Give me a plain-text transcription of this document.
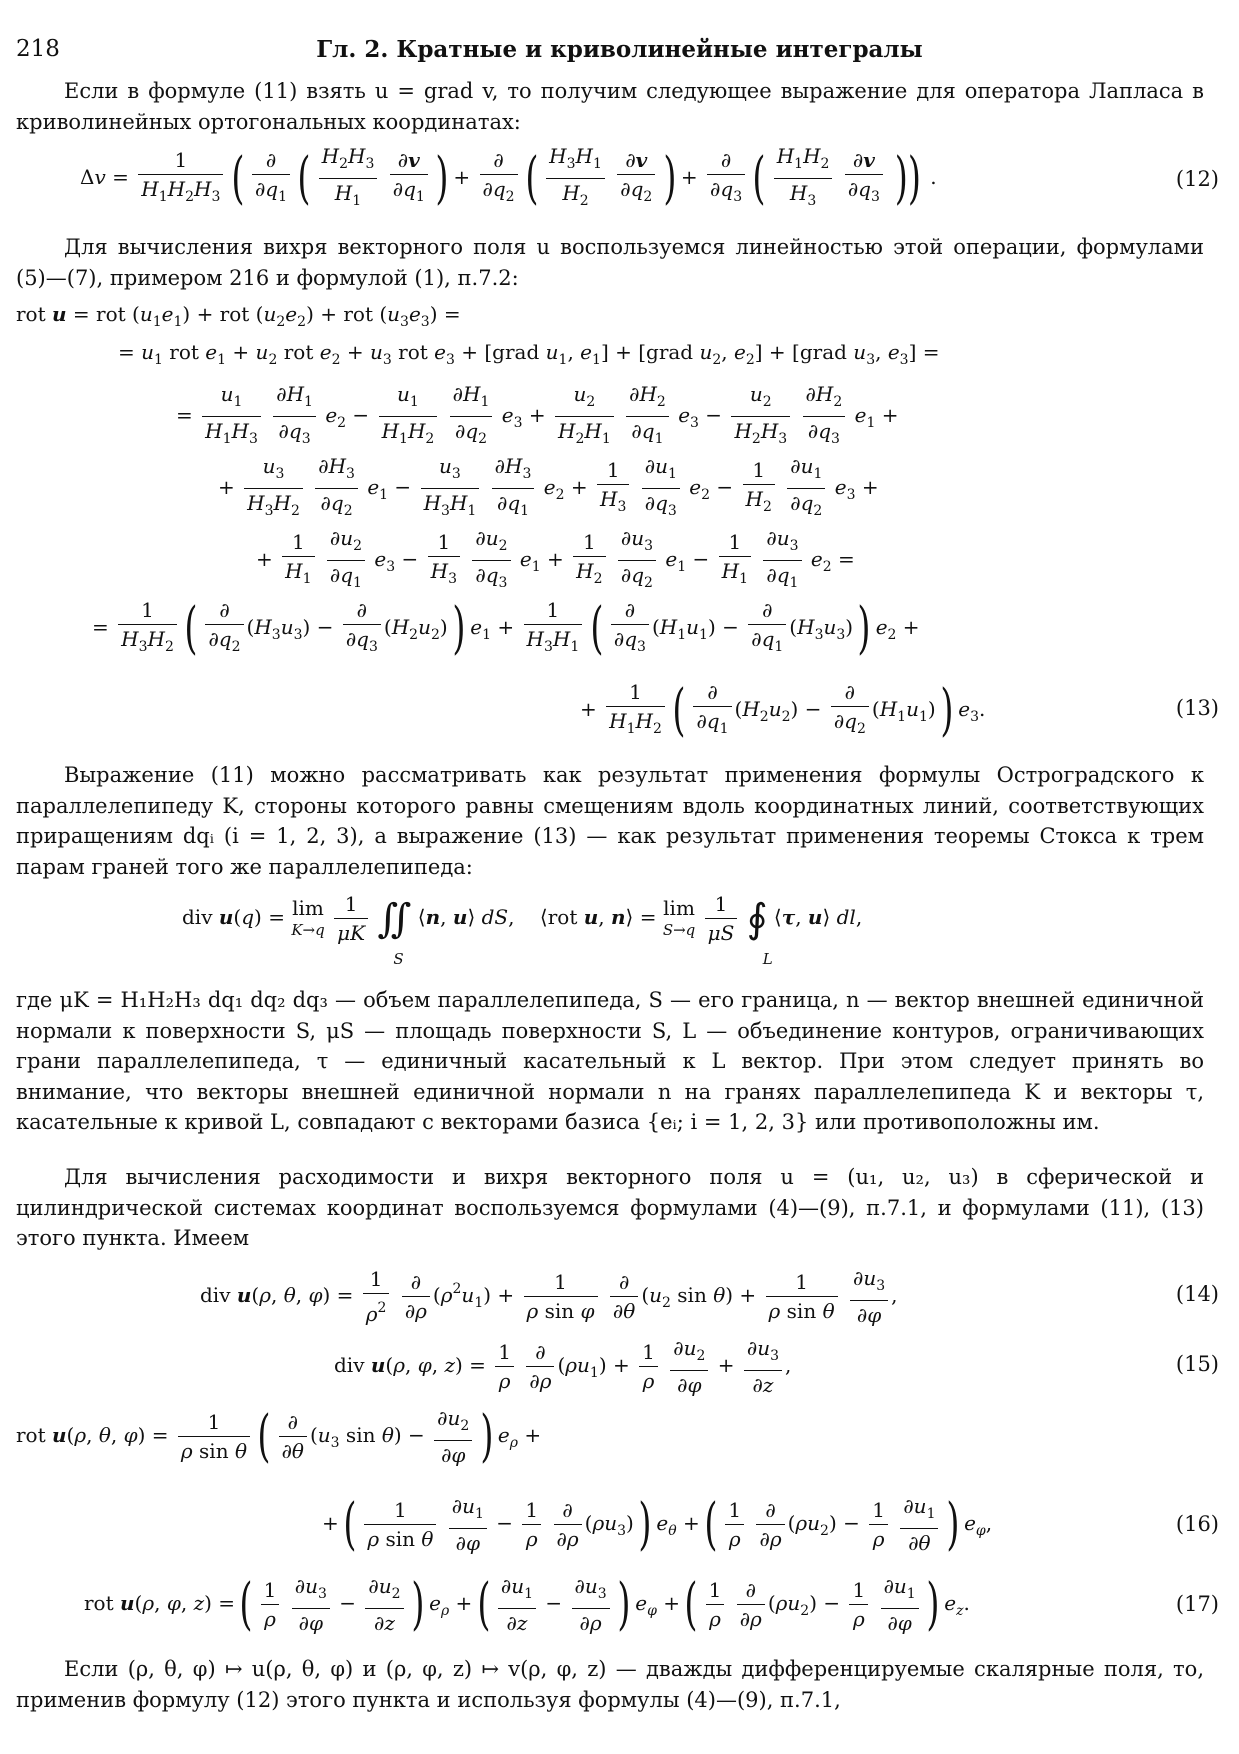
218	Гл. 2. Кратные и криволинейные интегралы

Если в формуле (11) взять u = grad v, то получим следующее выражение для оператора Лапласа в криволинейных ортогональных координатах:

$\Delta v = \frac{1}{H_1H_2H_3}$ ( $\frac{\partial}{\partial q_1}$ ( $\frac{H_2H_3}{H_1}$
$\frac{\partial v}{\partial q_1}$ ) + $\frac{\partial}{\partial q_2}$ ( $\frac{H_3H_1}{H_2}$
$\frac{\partial v}{\partial q_2}$ ) + $\frac{\partial}{\partial q_3}$ ( $\frac{H_1H_2}{H_3}$
$\frac{\partial v}{\partial q_3}$ )) .	(12)

Для вычисления вихря векторного поля u воспользуемся линейностью этой операции, формулами (5)—(7), примером 216 и формулой (1), п.7.2:

rot u = rot $(u_1e_1)$ + rot $(u_2e_2)$ + rot $(u_3e_3)$ =
= $u_1$ rot $e_1 + u_2$ rot $e_2 + u_3$ rot $e_3$ + [grad $u_1$, $e_1$] + [grad $u_2$, $e_2$] + [grad $u_3$, $e_3$] =
= $\frac{u_1}{H_1H_3}$
$\frac{\partial H_1}{\partial q_3} e_2 - \frac{u_1}{H_1H_2}$
$\frac{\partial H_1}{\partial q_2} e_3 + \frac{u_2}{H_2H_1}$
$\frac{\partial H_2}{\partial q_1} e_3 - \frac{u_2}{H_2H_3}$
$\frac{\partial H_2}{\partial q_3} e_1$ +
+ $\frac{u_3}{H_3H_2}$
$\frac{\partial H_3}{\partial q_2} e_1 - \frac{u_3}{H_3H_1}$
$\frac{\partial H_3}{\partial q_1} e_2 + \frac{1}{H_3}$
$\frac{\partial u_1}{\partial q_3} e_2 - \frac{1}{H_2}$
$\frac{\partial u_1}{\partial q_2} e_3$ +
+ $\frac{1}{H_1}$
$\frac{\partial u_2}{\partial q_1} e_3 - \frac{1}{H_3}$
$\frac{\partial u_2}{\partial q_3} e_1 + \frac{1}{H_2}$
$\frac{\partial u_3}{\partial q_2} e_1 - \frac{1}{H_1}$
$\frac{\partial u_3}{\partial q_1} e_2$ =
= $\frac{1}{H_3H_2}$ ( $\frac{\partial}{\partial q_2} (H_3u_3) - \frac{\partial}{\partial q_3} (H_2u_2)$ ) $e_1 + \frac{1}{H_3H_1}$ ( $\frac{\partial}{\partial q_3} (H_1u_1) - \frac{\partial}{\partial q_1} (H_3u_3)$ ) $e_2$ +
+ $\frac{1}{H_1H_2}$ ( $\frac{\partial}{\partial q_1} (H_2u_2) - \frac{\partial}{\partial q_2} (H_1u_1)$ ) $e_3$.	(13)

Выражение (11) можно рассматривать как результат применения формулы Остроградского к параллелепипеду K, стороны которого равны смещениям вдоль координатных линий, соответствующих приращениям dqᵢ (i = 1, 2, 3), а выражение (13) — как результат применения теоремы Стокса к трем парам граней того же параллелепипеда:

div u(q) = lim
K→q
$\frac{1}{\mu K}$ ∬
S
⟨n, u⟩ dS,    ⟨rot u, n⟩ = lim
S→q
$\frac{1}{\mu S}$ ∮
L
⟨τ, u⟩ dl,

где μK = H₁H₂H₃ dq₁ dq₂ dq₃ — объем параллелепипеда, S — его граница, n — вектор внешней единичной нормали к поверхности S, μS — площадь поверхности S, L — объединение контуров, ограничивающих грани параллелепипеда, τ — единичный касательный к L вектор. При этом следует принять во внимание, что векторы внешней единичной нормали n на гранях параллелепипеда K и векторы τ, касательные к кривой L, совпадают с векторами базиса {eᵢ; i = 1, 2, 3} или противоположны им.

Для вычисления расходимости и вихря векторного поля u = (u₁, u₂, u₃) в сферической и цилиндрической системах координат воспользуемся формулами (4)—(9), п.7.1, и формулами (11), (13) этого пункта. Имеем

div u(ρ, θ, $\varphi) = \frac{1}{\rho^2}$
$\frac{\partial}{\partial\rho} (\rho^2u_1) + \frac{1}{\text{ρ sin φ}}$
$\frac{\partial}{\partial\theta} (u_2$ $\sin \theta) + \frac{1}{\text{ρ sin θ}}$
$\frac{\partial u_3}{\partial\varphi}$ ,	(14)
div u(ρ, φ, $z) = \frac{1}{\rho}$
$\frac{\partial}{\partial\rho} (\rho u_1) + \frac{1}{\rho}$
$\frac{\partial u_2}{\partial\varphi} + \frac{\partial u_3}{\partial z}$ ,	(15)
rot u(ρ, θ, $\varphi) = \frac{1}{\text{ρ sin θ}}$ ( $\frac{\partial}{\partial\theta} (u_3$ $\sin \theta) - \frac{\partial u_2}{\partial\varphi}$ ) $e_\rho$ +
+ ( $\frac{1}{\text{ρ sin θ}}$
$\frac{\partial u_1}{\partial\varphi} - \frac{1}{\rho}$
$\frac{\partial}{\partial\rho} (\rho u_3)$ ) $e_\theta$ + ( $\frac{1}{\rho}$
$\frac{\partial}{\partial\rho} (\rho u_2) - \frac{1}{\rho}$
$\frac{\partial u_1}{\partial\theta}$ ) $e_\varphi$,	(16)
rot u(ρ, φ, z) = ( $\frac{1}{\rho}$
$\frac{\partial u_3}{\partial\varphi} - \frac{\partial u_2}{\partial z}$ ) $e_\rho$ + ( $\frac{\partial u_1}{\partial z} - \frac{\partial u_3}{\partial\rho}$ ) $e_\varphi$ + ( $\frac{1}{\rho}$
$\frac{\partial}{\partial\rho} (\rho u_2) - \frac{1}{\rho}$
$\frac{\partial u_1}{\partial\varphi}$ ) $e_z$.	(17)

Если (ρ, θ, φ) ↦ u(ρ, θ, φ) и (ρ, φ, z) ↦ v(ρ, φ, z) — дважды дифференцируемые скалярные поля, то, применив формулу (12) этого пункта и используя формулы (4)—(9), п.7.1,
